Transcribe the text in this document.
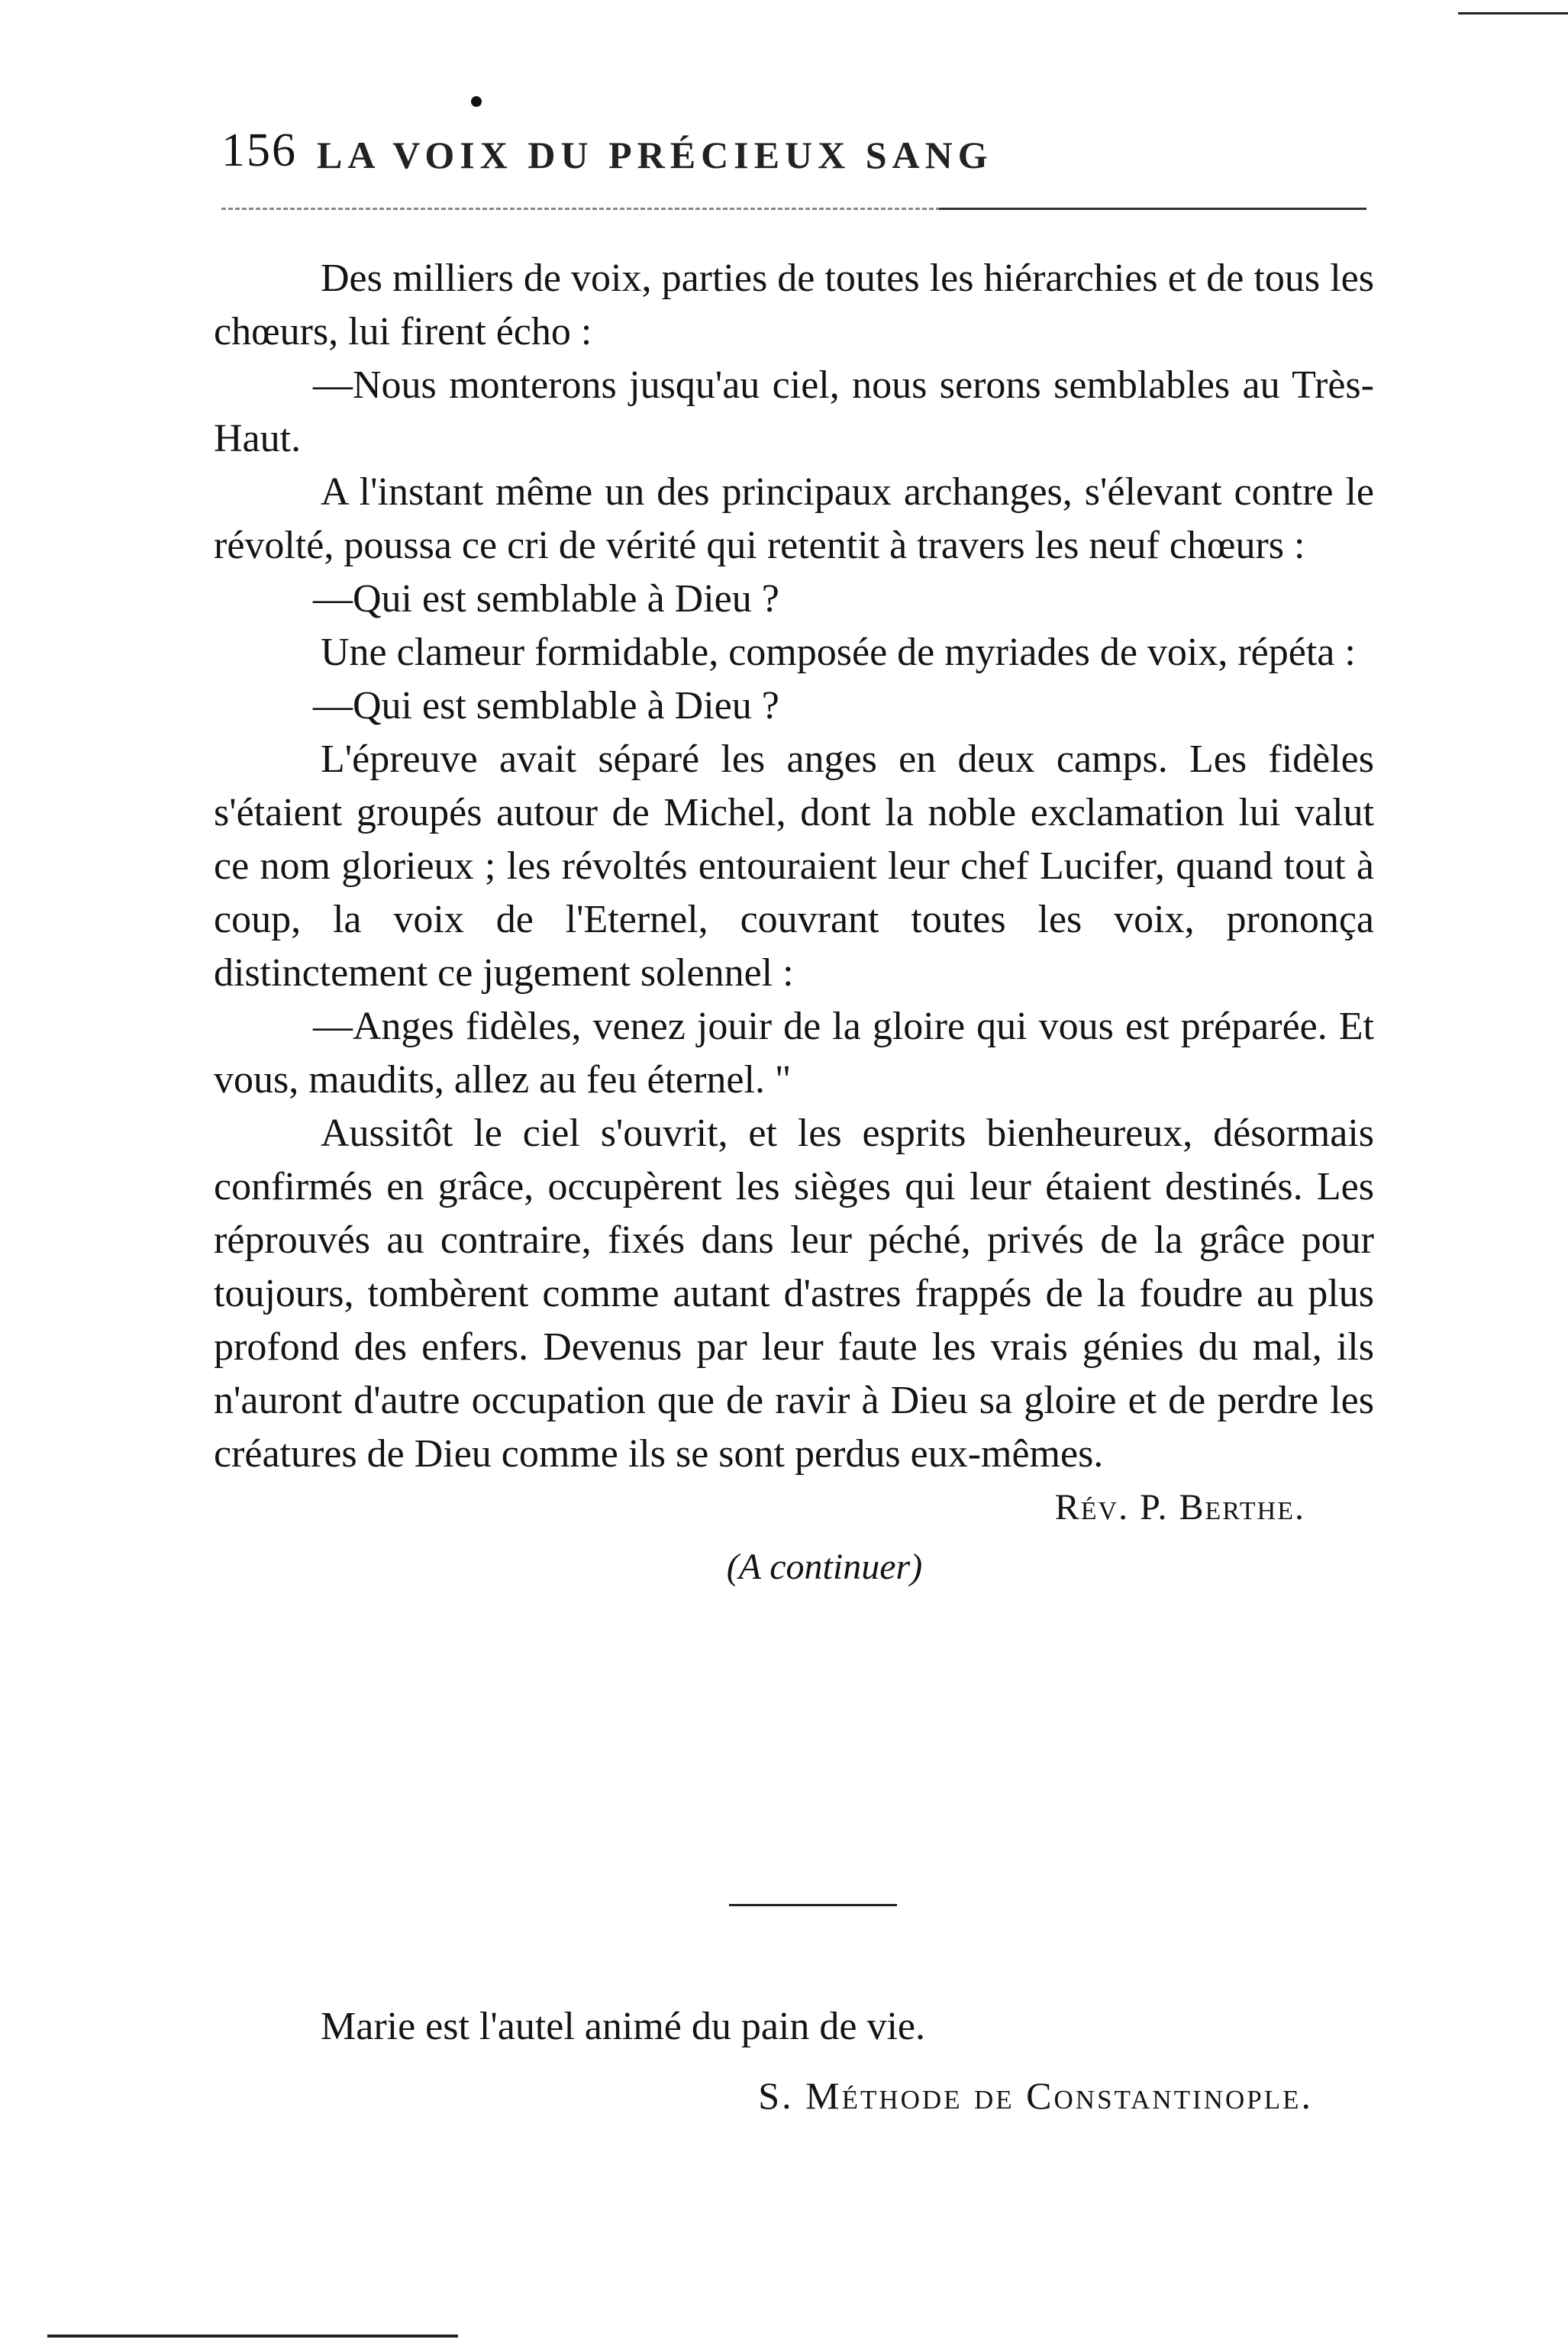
156 LA VOIX DU PRÉCIEUX SANG

Des milliers de voix, parties de toutes les hiérarchies et de tous les chœurs, lui firent écho :

—Nous monterons jusqu'au ciel, nous serons semblables au Très-Haut.

A l'instant même un des principaux archanges, s'élevant contre le révolté, poussa ce cri de vérité qui retentit à travers les neuf chœurs :

—Qui est semblable à Dieu ?

Une clameur formidable, composée de myriades de voix, répéta :

—Qui est semblable à Dieu ?

L'épreuve avait séparé les anges en deux camps. Les fidèles s'étaient groupés autour de Michel, dont la noble exclamation lui valut ce nom glorieux ; les révoltés entouraient leur chef Lucifer, quand tout à coup, la voix de l'Eternel, couvrant toutes les voix, prononça distinctement ce jugement solennel :

—Anges fidèles, venez jouir de la gloire qui vous est préparée. Et vous, maudits, allez au feu éternel. "

Aussitôt le ciel s'ouvrit, et les esprits bienheureux, désormais confirmés en grâce, occupèrent les sièges qui leur étaient destinés. Les réprouvés au contraire, fixés dans leur péché, privés de la grâce pour toujours, tombèrent comme autant d'astres frappés de la foudre au plus profond des enfers. Devenus par leur faute les vrais génies du mal, ils n'auront d'autre occupation que de ravir à Dieu sa gloire et de perdre les créatures de Dieu comme ils se sont perdus eux-mêmes.

Rév. P. Berthe.

(A continuer)

Marie est l'autel animé du pain de vie.

S. Méthode de Constantinople.
